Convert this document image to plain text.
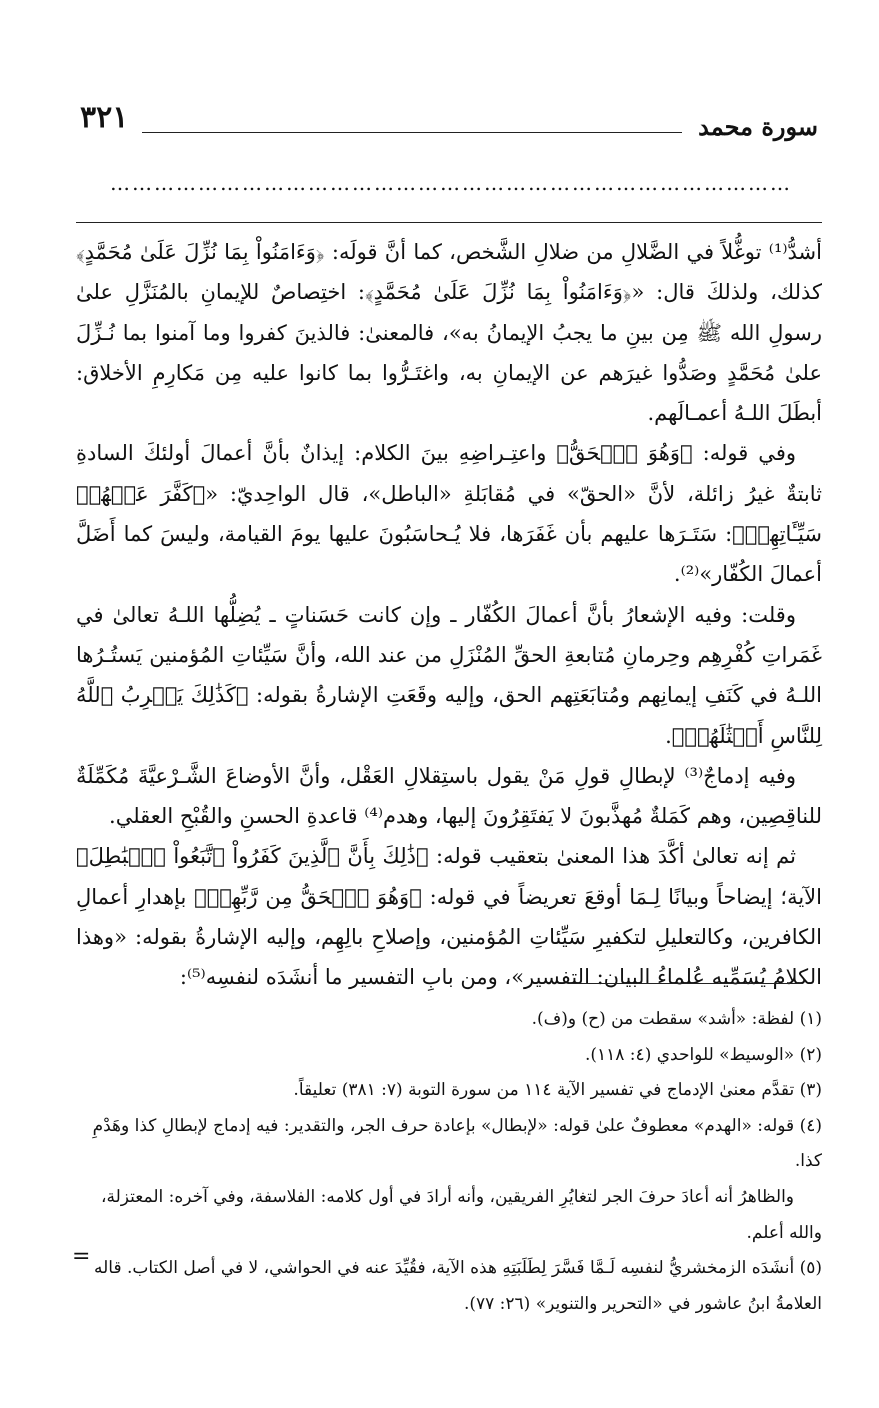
سورة محمد
٣٢١
…………………………………………………………………………………

أشدُّ⁽¹⁾ توغُّلاً في الضَّلالِ من ضلالِ الشَّخص، كما أنَّ قولَه: ﴿وَءَامَنُواْ بِمَا نُزِّلَ عَلَىٰ مُحَمَّدٍ﴾ كذلك، ولذلكَ قال: «﴿وَءَامَنُواْ بِمَا نُزِّلَ عَلَىٰ مُحَمَّدٍ﴾: اختِصاصٌ للإيمانِ بالمُنَزَّلِ علىٰ رسولِ الله ﷺ مِن بينِ ما يجبُ الإيمانُ به»، فالمعنىٰ: فالذينَ كفروا وما آمنوا بما نُـزِّلَ علىٰ مُحَمَّدٍ وصَدُّوا غيرَهم عن الإيمانِ به، واغتَـرُّوا بما كانوا عليه مِن مَكارِمِ الأخلاق: أبطَلَ اللـهُ أعمـالَهم.

وفي قوله: ﴿وَهُوَ ٱلۡحَقُّ﴾ واعتِـراضِهِ بينَ الكلام: إيذانٌ بأنَّ أعمالَ أولئكَ السادةِ ثابتةٌ غيرُ زائلة، لأنَّ «الحقّ» في مُقابَلةِ «الباطل»، قال الواحِديّ: «﴿كَفَّرَ عَنۡهُمۡ سَيِّـَٔاتِهِمۡ﴾: سَتَـرَها عليهم بأن غَفَرَها، فلا يُـحاسَبُونَ عليها يومَ القيامة، وليسَ كما أَضَلَّ أعمالَ الكُفّار»⁽²⁾.

وقلت: وفيه الإشعارُ بأنَّ أعمالَ الكُفّار ـ وإن كانت حَسَناتٍ ـ يُضِلُّها اللـهُ تعالىٰ في غَمَراتِ كُفْرِهِم وحِرمانِ مُتابعةِ الحقِّ المُنْزَلِ من عند الله، وأنَّ سَيِّئاتِ المُؤمنين يَستُـرُها اللـهُ في كَنَفِ إيمانِهم ومُتابَعَتِهم الحق، وإليه وقَعَتِ الإشارةُ بقوله: ﴿كَذَٰلِكَ يَضۡرِبُ ٱللَّهُ لِلنَّاسِ أَمۡثَٰلَهُمۡ﴾.

وفيه إدماجٌ⁽³⁾ لإبطالِ قولِ مَنْ يقول باستِقلالِ العَقْل، وأنَّ الأوضاعَ الشَّـرْعيَّةَ مُكَمِّلَةٌ للناقِصِين، وهم كَمَلةٌ مُهذَّبونَ لا يَفتَقِرُونَ إليها، وهدم⁽⁴⁾ قاعدةِ الحسنِ والقُبْحِ العقلي.

ثم إنه تعالىٰ أكَّدَ هذا المعنىٰ بتعقيب قوله: ﴿ذَٰلِكَ بِأَنَّ ٱلَّذِينَ كَفَرُواْ ٱتَّبَعُواْ ٱلۡبَٰطِلَ﴾ الآية؛ إيضاحاً وبيانًا لِـمَا أوقعَ تعريضاً في قوله: ﴿وَهُوَ ٱلۡحَقُّ مِن رَّبِّهِمۡ﴾ بإهدارِ أعمالِ الكافرين، وكالتعليلِ لتكفيرِ سَيِّئاتِ المُؤمنين، وإصلاحِ بالِهِم، وإليه الإشارةُ بقوله: «وهذا الكلامُ يُسَمِّيه عُلماءُ البيان: التفسير»، ومن بابِ التفسير ما أنشَدَه لنفسِه⁽⁵⁾:

(١) لفظة: «أشد» سقطت من (ح) و(ف).

(٢) «الوسيط» للواحدي (٤: ١١٨).

(٣) تقدَّم معنىٰ الإدماج في تفسير الآية ١١٤ من سورة التوبة (٧: ٣٨١) تعليقاً.

(٤) قوله: «الهدم» معطوفٌ علىٰ قوله: «لإبطال» بإعادة حرف الجر، والتقدير: فيه إدماج لإبطالِ كذا وهَدْمِ كذا.

والظاهرُ أنه أعادَ حرفَ الجر لتغايُرِ الفريقين، وأنه أرادَ في أول كلامه: الفلاسفة، وفي آخره: المعتزلة، والله أعلم.

(٥) أنشَدَه الزمخشريُّ لنفسِه لَـمَّا فَسَّرَ لِطَلَبَتِهِ هذه الآية، فقُيِّدَ عنه في الحواشي، لا في أصل الكتاب. قاله العلامةُ ابنُ عاشور في «التحرير والتنوير» (٢٦: ٧٧).

=
